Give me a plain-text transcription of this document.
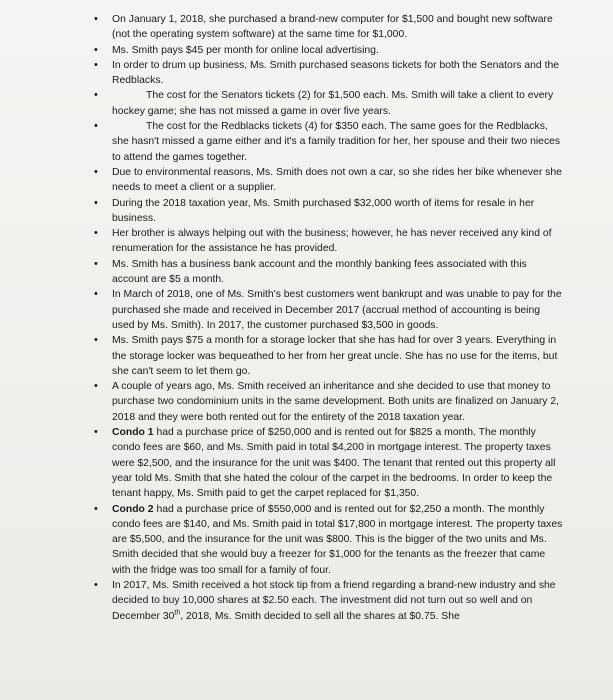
• On January 1, 2018, she purchased a brand-new computer for $1,500 and bought new software (not the operating system software) at the same time for $1,000.
• Ms. Smith pays $45 per month for online local advertising.
• In order to drum up business, Ms. Smith purchased seasons tickets for both the Senators and the Redblacks.
•	The cost for the Senators tickets (2) for $1,500 each. Ms. Smith will take a client to every hockey game; she has not missed a game in over five years.
•	The cost for the Redblacks tickets (4) for $350 each. The same goes for the Redblacks, she hasn't missed a game either and it's a family tradition for her, her spouse and their two nieces to attend the games together.
• Due to environmental reasons, Ms. Smith does not own a car, so she rides her bike whenever she needs to meet a client or a supplier.
• During the 2018 taxation year, Ms. Smith purchased $32,000 worth of items for resale in her business.
• Her brother is always helping out with the business; however, he has never received any kind of renumeration for the assistance he has provided.
• Ms. Smith has a business bank account and the monthly banking fees associated with this account are $5 a month.
• In March of 2018, one of Ms. Smith's best customers went bankrupt and was unable to pay for the purchased she made and received in December 2017 (accrual method of accounting is being used by Ms. Smith). In 2017, the customer purchased $3,500 in goods.
• Ms. Smith pays $75 a month for a storage locker that she has had for over 3 years. Everything in the storage locker was bequeathed to her from her great uncle. She has no use for the items, but she can't seem to let them go.
• A couple of years ago, Ms. Smith received an inheritance and she decided to use that money to purchase two condominium units in the same development. Both units are finalized on January 2, 2018 and they were both rented out for the entirety of the 2018 taxation year.
• Condo 1 had a purchase price of $250,000 and is rented out for $825 a month. The monthly condo fees are $60, and Ms. Smith paid in total $4,200 in mortgage interest. The property taxes were $2,500, and the insurance for the unit was $400. The tenant that rented out this property all year told Ms. Smith that she hated the colour of the carpet in the bedrooms. In order to keep the tenant happy, Ms. Smith paid to get the carpet replaced for $1,350.
• Condo 2 had a purchase price of $550,000 and is rented out for $2,250 a month. The monthly condo fees are $140, and Ms. Smith paid in total $17,800 in mortgage interest. The property taxes are $5,500, and the insurance for the unit was $800. This is the bigger of the two units and Ms. Smith decided that she would buy a freezer for $1,000 for the tenants as the freezer that came with the fridge was too small for a family of four.
• In 2017, Ms. Smith received a hot stock tip from a friend regarding a brand-new industry and she decided to buy 10,000 shares at $2.50 each. The investment did not turn out so well and on December 30th, 2018, Ms. Smith decided to sell all the shares at $0.75. She
